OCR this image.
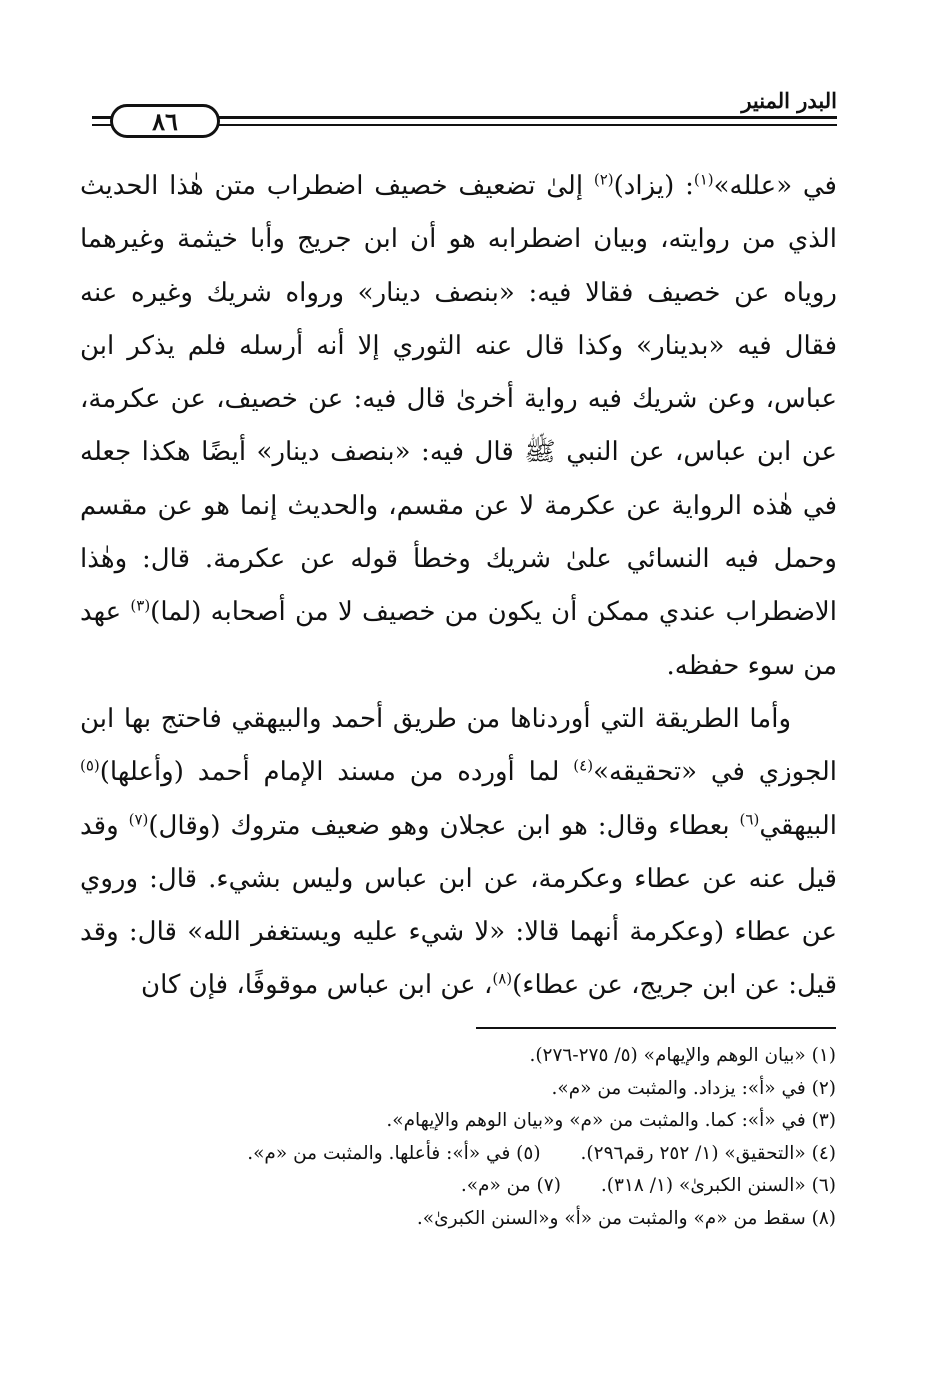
البدر المنير
٨٦

في «علله»$^{(١)}$: (يزاد)$^{(٢)}$ إلىٰ تضعيف خصيف اضطراب متن هٰذا الحديث الذي من روايته، وبيان اضطرابه هو أن ابن جريج وأبا خيثمة وغيرهما روياه عن خصيف فقالا فيه: «بنصف دينار» ورواه شريك وغيره عنه فقال فيه «بدينار» وكذا قال عنه الثوري إلا أنه أرسله فلم يذكر ابن عباس، وعن شريك فيه رواية أخرىٰ قال فيه: عن خصيف، عن عكرمة، عن ابن عباس، عن النبي ﷺ قال فيه: «بنصف دينار» أيضًا هكذا جعله في هٰذه الرواية عن عكرمة لا عن مقسم، والحديث إنما هو عن مقسم وحمل فيه النسائي علىٰ شريك وخطأ قوله عن عكرمة. قال: وهٰذا الاضطراب عندي ممكن أن يكون من خصيف لا من أصحابه (لما)$^{(٣)}$ عهد من سوء حفظه.

وأما الطريقة التي أوردناها من طريق أحمد والبيهقي فاحتج بها ابن الجوزي في «تحقيقه»$^{(٤)}$ لما أورده من مسند الإمام أحمد (وأعلها)$^{(٥)}$ البيهقي$^{(٦)}$ بعطاء وقال: هو ابن عجلان وهو ضعيف متروك (وقال)$^{(٧)}$ وقد قيل عنه عن عطاء وعكرمة، عن ابن عباس وليس بشيء. قال: وروي عن عطاء (وعكرمة أنهما قالا: «لا شيء عليه ويستغفر الله» قال: وقد قيل: عن ابن جريج، عن عطاء)$^{(٨)}$، عن ابن عباس موقوفًا، فإن كان

(١) «بيان الوهم والإيهام» (٥/ ٢٧٥-٢٧٦).
(٢) في «أ»: يزداد. والمثبت من «م».
(٣) في «أ»: كما. والمثبت من «م» و«بيان الوهم والإيهام».
(٤) «التحقيق» (١/ ٢٥٢ رقم٢٩٦).(٥) في «أ»: فأعلها. والمثبت من «م».
(٦) «السنن الكبرىٰ» (١/ ٣١٨).(٧) من «م».
(٨) سقط من «م» والمثبت من «أ» و«السنن الكبرىٰ».
